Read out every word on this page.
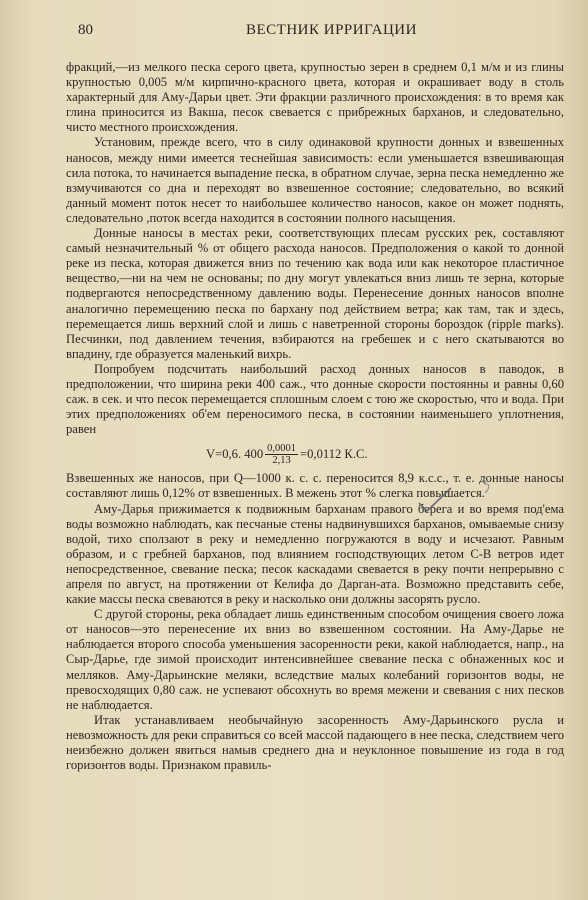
80	ВЕСТНИК ИРРИГАЦИИ

фракций,—из мелкого песка серого цвета, крупностью зерен в среднем 0,1 м/м и из глины крупностью 0,005 м/м кирпично-красного цвета, которая и окрашивает воду в столь характерный для Аму-Дарьи цвет. Эти фракции различного происхождения: в то время как глина приносится из Вакша, песок свевается с прибрежных барханов, и следовательно, чисто местного происхождения.

Установим, прежде всего, что в силу одинаковой крупности донных и взвешенных наносов, между ними имеется теснейшая зависимость: если уменьшается взвешивающая сила потока, то начинается выпадение песка, в обратном случае, зерна песка немедленно же взмучиваются со дна и переходят во взвешенное состояние; следовательно, во всякий данный момент поток несет то наибольшее количество наносов, какое он может поднять, следовательно ,поток всегда находится в состоянии полного насыщения.

Донные наносы в местах реки, соответствующих плесам русских рек, составляют самый незначительный % от общего расхода наносов. Предположения о какой то донной реке из песка, которая движется вниз по течению как вода или как некоторое пластичное вещество,—ни на чем не основаны; по дну могут увлекаться вниз лишь те зерна, которые подвергаются непосредственному давлению воды. Перенесение донных наносов вполне аналогично перемещению песка по бархану под действием ветра; как там, так и здесь, перемещается лишь верхний слой и лишь с наветренной стороны бороздок (ripple marks). Песчинки, под давлением течения, взбираются на гребешек и с него скатываются во впадину, где образуется маленький вихрь.

Попробуем подсчитать наибольший расход донных наносов в паводок, в предположении, что ширина реки 400 саж., что донные скорости постоянны и равны 0,60 саж. в сек. и что песок перемещается сплошным слоем с тою же скоростью, что и вода. При этих предположениях об'ем переносимого песка, в состоянии наименьшего уплотнения, равен

V=0,6. $400 \frac{0,0001}{2,13} =0,0112$ К.С.

Взвешенных же наносов, при Q—1000 к. с. с. переносится 8,9 к.с.с., т. е. донные наносы составляют лишь 0,12% от взвешенных. В межень этот % слегка повышается.

Аму-Дарья прижимается к подвижным барханам правого берега и во время под'ема воды возможно наблюдать, как песчаные стены надвинувшихся барханов, омываемые снизу водой, тихо сползают в реку и немедленно погружаются в воду и исчезают. Равным образом, и с гребней барханов, под влиянием господствующих летом С-В ветров идет непосредственное, свевание песка; песок каскадами свевается в реку почти непрерывно с апреля по август, на протяжении от Келифа до Дарган-ата. Возможно представить себе, какие массы песка свеваются в реку и насколько они должны засорять русло.

С другой стороны, река обладает лишь единственным способом очищения своего ложа от наносов—это перенесение их вниз во взвешенном состоянии. На Аму-Дарье не наблюдается второго способа уменьшения засоренности реки, какой наблюдается, напр., на Сыр-Дарье, где зимой происходит интенсивнейшее свевание песка с обнаженных кос и мелляков. Аму-Дарьинские меляки, вследствие малых колебаний горизонтов воды, не превосходящих 0,80 саж. не успевают обсохнуть во время межени и свевания с них песков не наблюдается.

Итак устанавливаем необычайную засоренность Аму-Дарьинского русла и невозможность для реки справиться со всей массой падающего в нее песка, следствием чего неизбежно должен явиться намыв среднего дна и неуклонное повышение из года в год горизонтов воды. Признаком правиль-
